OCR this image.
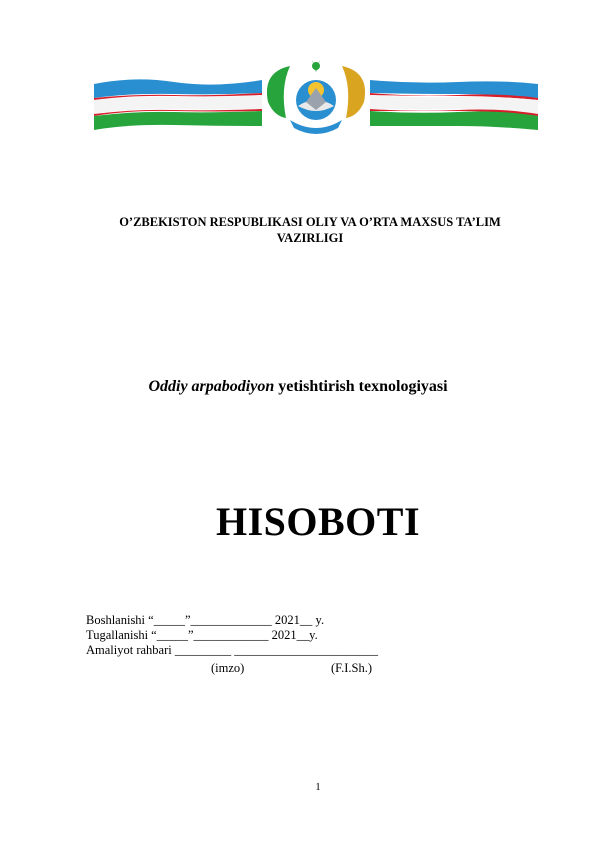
O’ZBEKISTON RESPUBLIKASI OLIY VA O’RTA MAXSUS TA’LIM
VAZIRLIGI
Oddiy arpabodiyon yetishtirish texnologiyasi
HISOBOTI
Boshlanishi “_____”_____________ 2021__ y.
Tugallanishi “_____”____________ 2021__y.
Amaliyot rahbari _________ _______________________
(imzo)	(F.I.Sh.)
1
